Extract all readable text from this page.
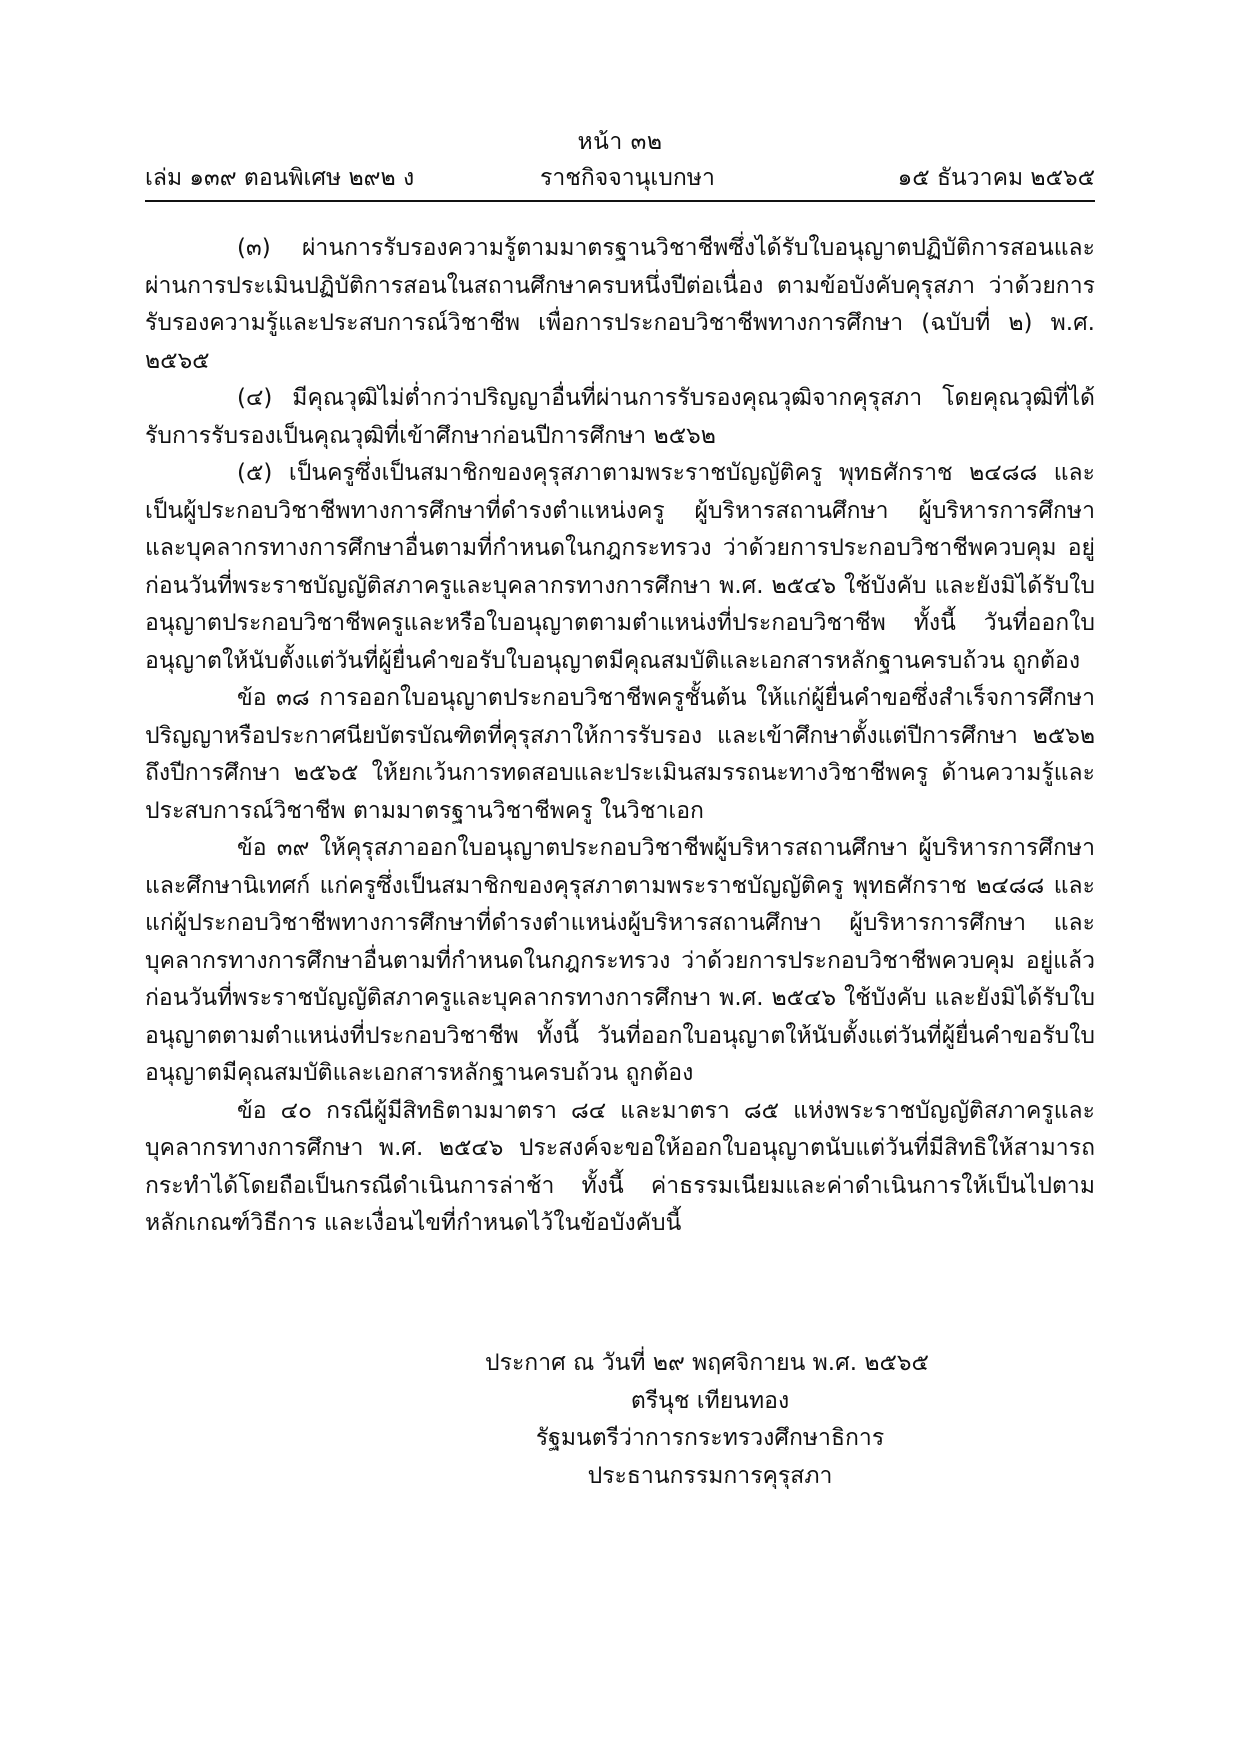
หน้า ๓๒
เล่ม ๑๓๙ ตอนพิเศษ ๒๙๒ ง	ราชกิจจานุเบกษา	๑๕ ธันวาคม ๒๕๖๕

(๓) ผ่านการรับรองความรู้ตามมาตรฐานวิชาชีพซึ่งได้รับใบอนุญาตปฏิบัติการสอนและผ่านการประเมินปฏิบัติการสอนในสถานศึกษาครบหนึ่งปีต่อเนื่อง ตามข้อบังคับคุรุสภา ว่าด้วยการรับรองความรู้และประสบการณ์วิชาชีพ เพื่อการประกอบวิชาชีพทางการศึกษา (ฉบับที่ ๒) พ.ศ. ๒๕๖๕

(๔) มีคุณวุฒิไม่ต่ำกว่าปริญญาอื่นที่ผ่านการรับรองคุณวุฒิจากคุรุสภา โดยคุณวุฒิที่ได้รับการรับรองเป็นคุณวุฒิที่เข้าศึกษาก่อนปีการศึกษา ๒๕๖๒

(๕) เป็นครูซึ่งเป็นสมาชิกของคุรุสภาตามพระราชบัญญัติครู พุทธศักราช ๒๔๘๘ และเป็นผู้ประกอบวิชาชีพทางการศึกษาที่ดำรงตำแหน่งครู ผู้บริหารสถานศึกษา ผู้บริหารการศึกษา และบุคลากรทางการศึกษาอื่นตามที่กำหนดในกฎกระทรวง ว่าด้วยการประกอบวิชาชีพควบคุม อยู่ก่อนวันที่พระราชบัญญัติสภาครูและบุคลากรทางการศึกษา พ.ศ. ๒๕๔๖ ใช้บังคับ และยังมิได้รับใบอนุญาตประกอบวิชาชีพครูและหรือใบอนุญาตตามตำแหน่งที่ประกอบวิชาชีพ ทั้งนี้ วันที่ออกใบอนุญาตให้นับตั้งแต่วันที่ผู้ยื่นคำขอรับใบอนุญาตมีคุณสมบัติและเอกสารหลักฐานครบถ้วน ถูกต้อง

ข้อ ๓๘ การออกใบอนุญาตประกอบวิชาชีพครูชั้นต้น ให้แก่ผู้ยื่นคำขอซึ่งสำเร็จการศึกษาปริญญาหรือประกาศนียบัตรบัณฑิตที่คุรุสภาให้การรับรอง และเข้าศึกษาตั้งแต่ปีการศึกษา ๒๕๖๒ ถึงปีการศึกษา ๒๕๖๕ ให้ยกเว้นการทดสอบและประเมินสมรรถนะทางวิชาชีพครู ด้านความรู้และประสบการณ์วิชาชีพ ตามมาตรฐานวิชาชีพครู ในวิชาเอก

ข้อ ๓๙ ให้คุรุสภาออกใบอนุญาตประกอบวิชาชีพผู้บริหารสถานศึกษา ผู้บริหารการศึกษา และศึกษานิเทศก์ แก่ครูซึ่งเป็นสมาชิกของคุรุสภาตามพระราชบัญญัติครู พุทธศักราช ๒๔๘๘ และแก่ผู้ประกอบวิชาชีพทางการศึกษาที่ดำรงตำแหน่งผู้บริหารสถานศึกษา ผู้บริหารการศึกษา และบุคลากรทางการศึกษาอื่นตามที่กำหนดในกฎกระทรวง ว่าด้วยการประกอบวิชาชีพควบคุม อยู่แล้วก่อนวันที่พระราชบัญญัติสภาครูและบุคลากรทางการศึกษา พ.ศ. ๒๕๔๖ ใช้บังคับ และยังมิได้รับใบอนุญาตตามตำแหน่งที่ประกอบวิชาชีพ ทั้งนี้ วันที่ออกใบอนุญาตให้นับตั้งแต่วันที่ผู้ยื่นคำขอรับใบอนุญาตมีคุณสมบัติและเอกสารหลักฐานครบถ้วน ถูกต้อง

ข้อ ๔๐ กรณีผู้มีสิทธิตามมาตรา ๘๔ และมาตรา ๘๕ แห่งพระราชบัญญัติสภาครูและบุคลากรทางการศึกษา พ.ศ. ๒๕๔๖ ประสงค์จะขอให้ออกใบอนุญาตนับแต่วันที่มีสิทธิให้สามารถกระทำได้โดยถือเป็นกรณีดำเนินการล่าช้า ทั้งนี้ ค่าธรรมเนียมและค่าดำเนินการให้เป็นไปตามหลักเกณฑ์วิธีการ และเงื่อนไขที่กำหนดไว้ในข้อบังคับนี้

ประกาศ ณ วันที่ ๒๙ พฤศจิกายน พ.ศ. ๒๕๖๕
ตรีนุช เทียนทอง
รัฐมนตรีว่าการกระทรวงศึกษาธิการ
ประธานกรรมการคุรุสภา
